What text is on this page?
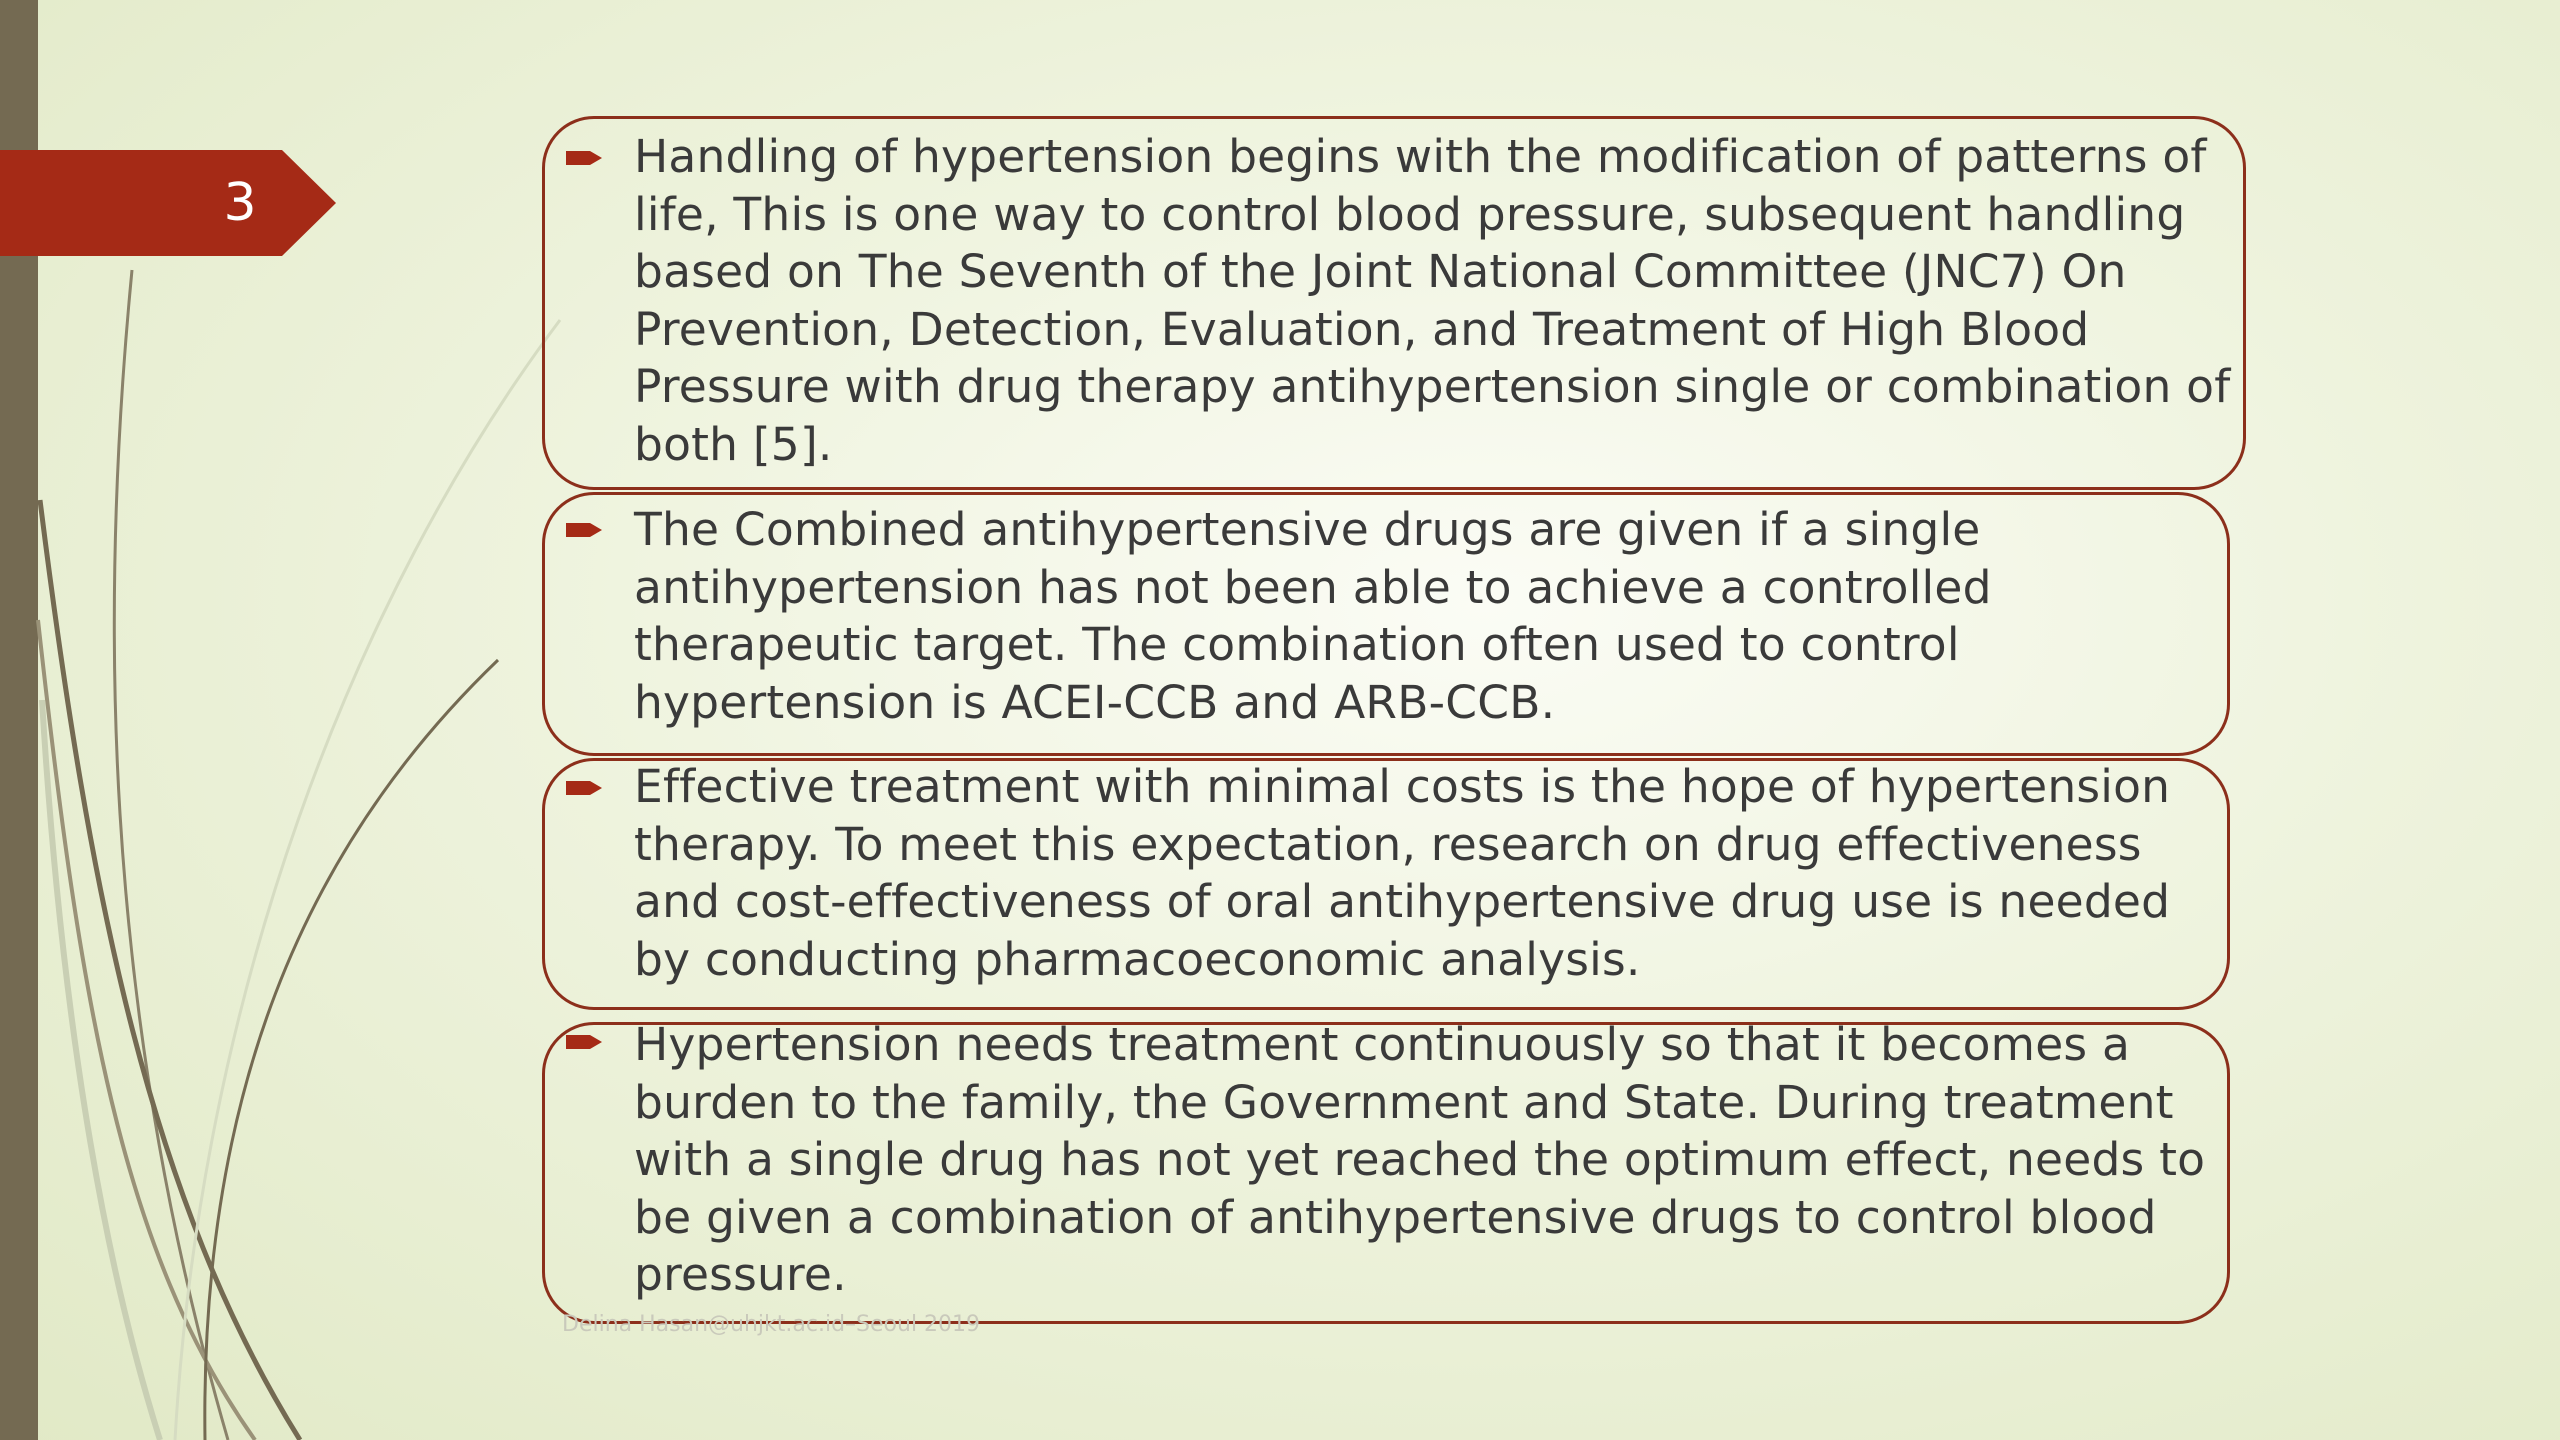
3
Handling of hypertension begins with the modification of patterns of
life, This is one way to control blood pressure, subsequent handling
based on The Seventh of the Joint National Committee (JNC7) On
Prevention, Detection, Evaluation, and Treatment of High Blood
Pressure with drug therapy antihypertension single or combination of
both [5].
The Combined antihypertensive drugs are given if a single
antihypertension has not been able to achieve a controlled
therapeutic target. The combination often used to control
hypertension is ACEI-CCB and ARB-CCB.
Effective treatment with minimal costs is the hope of hypertension
therapy. To meet this expectation, research on drug effectiveness
and cost-effectiveness of oral antihypertensive drug use is needed
by conducting pharmacoeconomic analysis.
Hypertension needs treatment continuously so that it becomes a
burden to the family, the Government and State. During treatment
with a single drug has not yet reached the optimum effect, needs to
be given a combination of antihypertensive drugs to control blood
pressure.
Delina Hasan@uhjkt.ac.id–Seoul 2019
